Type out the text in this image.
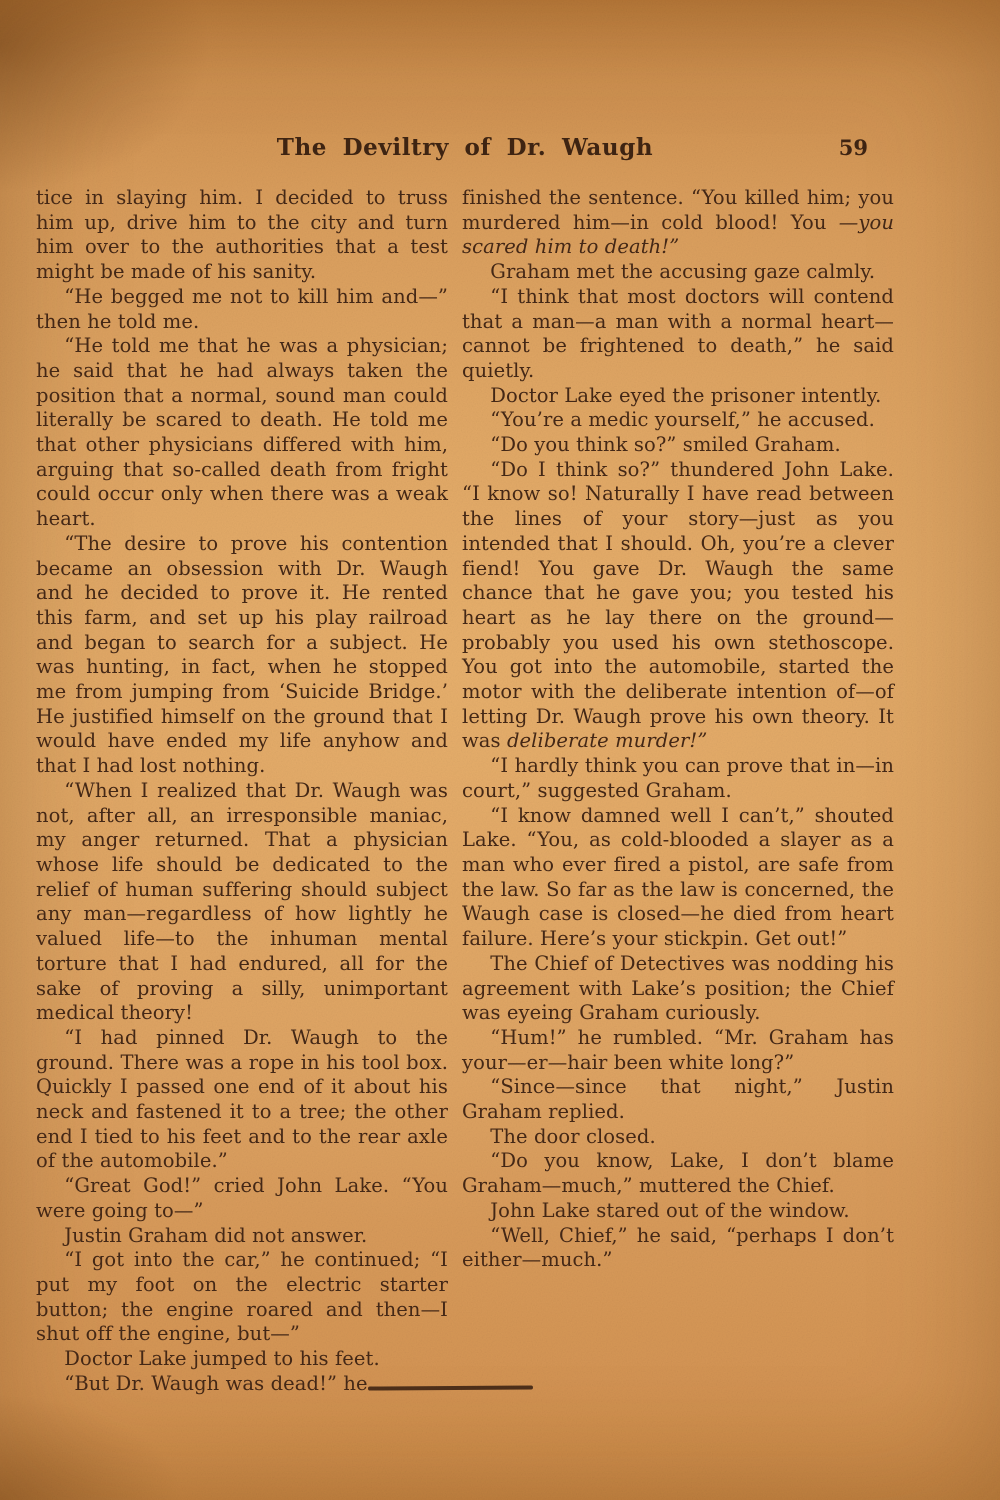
The Deviltry of Dr. Waugh	59

tice in slaying him. I decided to truss him up, drive him to the city and turn him over to the authorities that a test might be made of his sanity.

“He begged me not to kill him and—” then he told me.

“He told me that he was a physician; he said that he had always taken the position that a normal, sound man could literally be scared to death. He told me that other physicians differed with him, arguing that so-called death from fright could occur only when there was a weak heart.

“The desire to prove his contention became an obsession with Dr. Waugh and he decided to prove it. He rented this farm, and set up his play railroad and began to search for a subject. He was hunting, in fact, when he stopped me from jumping from ‘Suicide Bridge.’ He justified himself on the ground that I would have ended my life anyhow and that I had lost nothing.

“When I realized that Dr. Waugh was not, after all, an irresponsible maniac, my anger returned. That a physician whose life should be dedicated to the relief of human suffering should subject any man—regardless of how lightly he valued life—to the inhuman mental torture that I had endured, all for the sake of proving a silly, unimportant medical theory!

“I had pinned Dr. Waugh to the ground. There was a rope in his tool box. Quickly I passed one end of it about his neck and fastened it to a tree; the other end I tied to his feet and to the rear axle of the automobile.”

“Great God!” cried John Lake. “You were going to—”

Justin Graham did not answer.

“I got into the car,” he continued; “I put my foot on the electric starter button; the engine roared and then—I shut off the engine, but—”

Doctor Lake jumped to his feet.

“But Dr. Waugh was dead!” he

finished the sentence. “You killed him; you murdered him—in cold blood! You —you scared him to death!”

Graham met the accusing gaze calmly.

“I think that most doctors will contend that a man—a man with a normal heart—cannot be frightened to death,” he said quietly.

Doctor Lake eyed the prisoner intently.

“You’re a medic yourself,” he accused.

“Do you think so?” smiled Graham.

“Do I think so?” thundered John Lake. “I know so! Naturally I have read between the lines of your story—just as you intended that I should. Oh, you’re a clever fiend! You gave Dr. Waugh the same chance that he gave you; you tested his heart as he lay there on the ground—probably you used his own stethoscope. You got into the automobile, started the motor with the deliberate intention of—of letting Dr. Waugh prove his own theory. It was deliberate murder!”

“I hardly think you can prove that in—in court,” suggested Graham.

“I know damned well I can’t,” shouted Lake. “You, as cold-blooded a slayer as a man who ever fired a pistol, are safe from the law. So far as the law is concerned, the Waugh case is closed—he died from heart failure. Here’s your stickpin. Get out!”

The Chief of Detectives was nodding his agreement with Lake’s position; the Chief was eyeing Graham curiously.

“Hum!” he rumbled. “Mr. Graham has your—er—hair been white long?”

“Since—since that night,” Justin Graham replied.

The door closed.

“Do you know, Lake, I don’t blame Graham—much,” muttered the Chief.

John Lake stared out of the window.

“Well, Chief,” he said, “perhaps I don’t either—much.”
